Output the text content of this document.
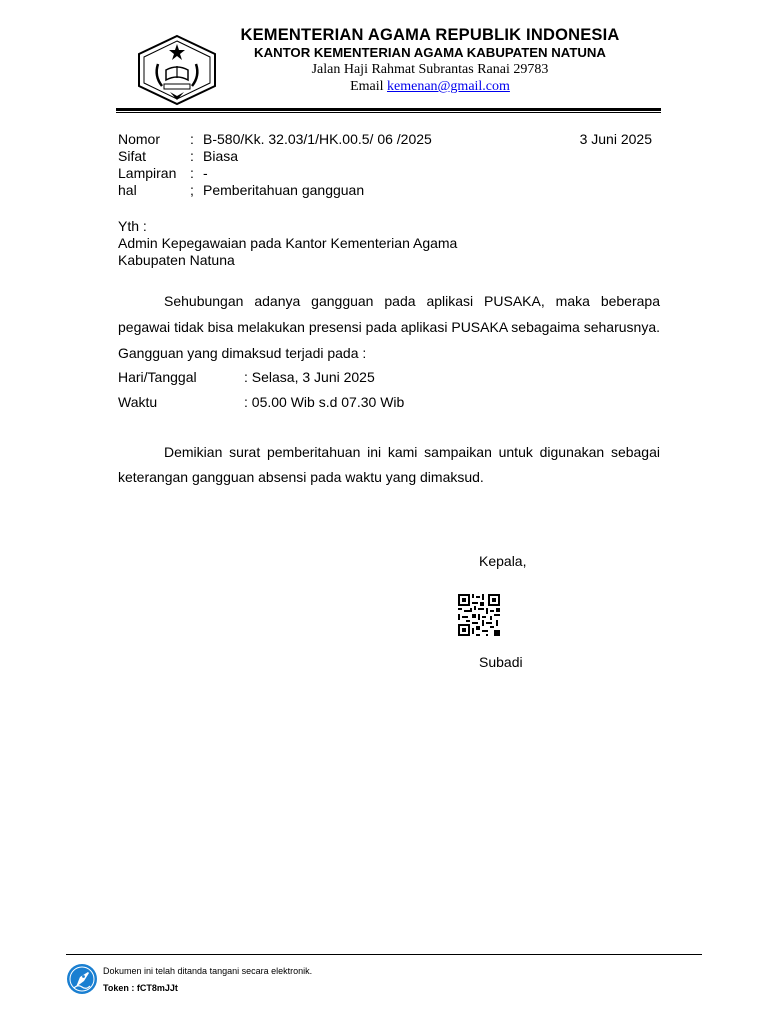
KEMENTERIAN AGAMA REPUBLIK INDONESIA
KANTOR KEMENTERIAN AGAMA KABUPATEN NATUNA
Jalan Haji Rahmat Subrantas Ranai 29783
Email kemenan@gmail.com
Nomor : B-580/Kk. 32.03/1/HK.00.5/ 06 /2025	3 Juni 2025
Sifat	: Biasa
Lampiran : -
hal	; Pemberitahuan gangguan
Yth :
Admin Kepegawaian pada Kantor Kementerian Agama
Kabupaten Natuna
Sehubungan adanya gangguan pada aplikasi PUSAKA, maka beberapa
pegawai tidak bisa melakukan presensi pada aplikasi PUSAKA sebagaima seharusnya.
Gangguan yang dimaksud terjadi pada :
Hari/Tanggal	: Selasa, 3 Juni 2025
Waktu	: 05.00 Wib s.d 07.30 Wib
Demikian surat pemberitahuan ini kami sampaikan untuk digunakan sebagai
keterangan gangguan absensi pada waktu yang dimaksud.
Kepala,
Subadi
Dokumen ini telah ditanda tangani secara elektronik.
Token : fCT8mJJt
